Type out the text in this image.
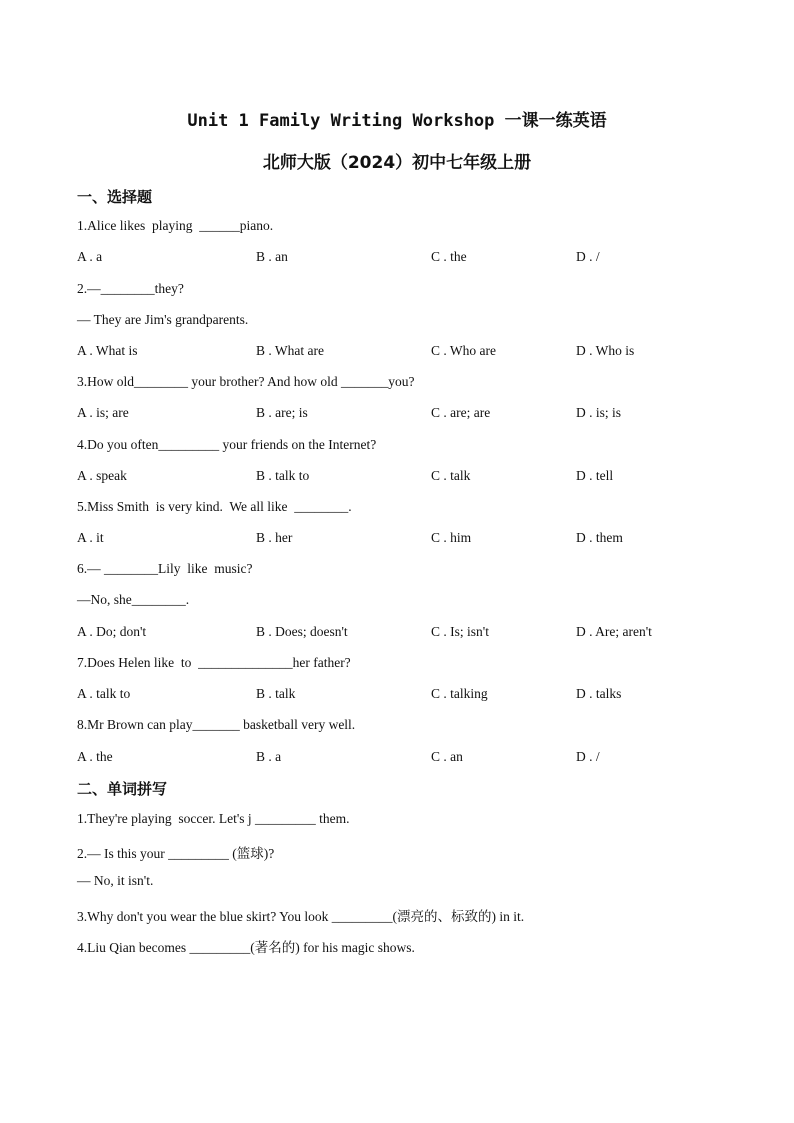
Unit 1 Family Writing Workshop 一课一练英语
北师大版（2024）初中七年级上册
一、选择题
1.Alice likes  playing  ______piano.
A . a	B . an	C . the	D . /
2.—________they?
— They are Jim's grandparents.
A . What is	B . What are	C . Who are	D . Who is
3.How old________ your brother? And how old _______you?
A . is; are	B . are; is	C . are; are	D . is; is
4.Do you often_________ your friends on the Internet?
A . speak	B . talk to	C . talk	D . tell
5.Miss Smith  is very kind.  We all like  ________.
A . it	B . her	C . him	D . them
6.— ________Lily  like  music?
—No, she________.
A . Do; don't	B . Does; doesn't	C . Is; isn't	D . Are; aren't
7.Does Helen like  to  ______________her father?
A . talk to	B . talk	C . talking	D . talks
8.Mr Brown can play_______ basketball very well.
A . the	B . a	C . an	D . /
二、单词拼写
1.They're playing  soccer. Let's j _________ them.
2.— Is this your _________ (篮球)?
— No, it isn't.
3.Why don't you wear the blue skirt? You look _________(漂亮的、标致的) in it.
4.Liu Qian becomes _________(著名的) for his magic shows.
